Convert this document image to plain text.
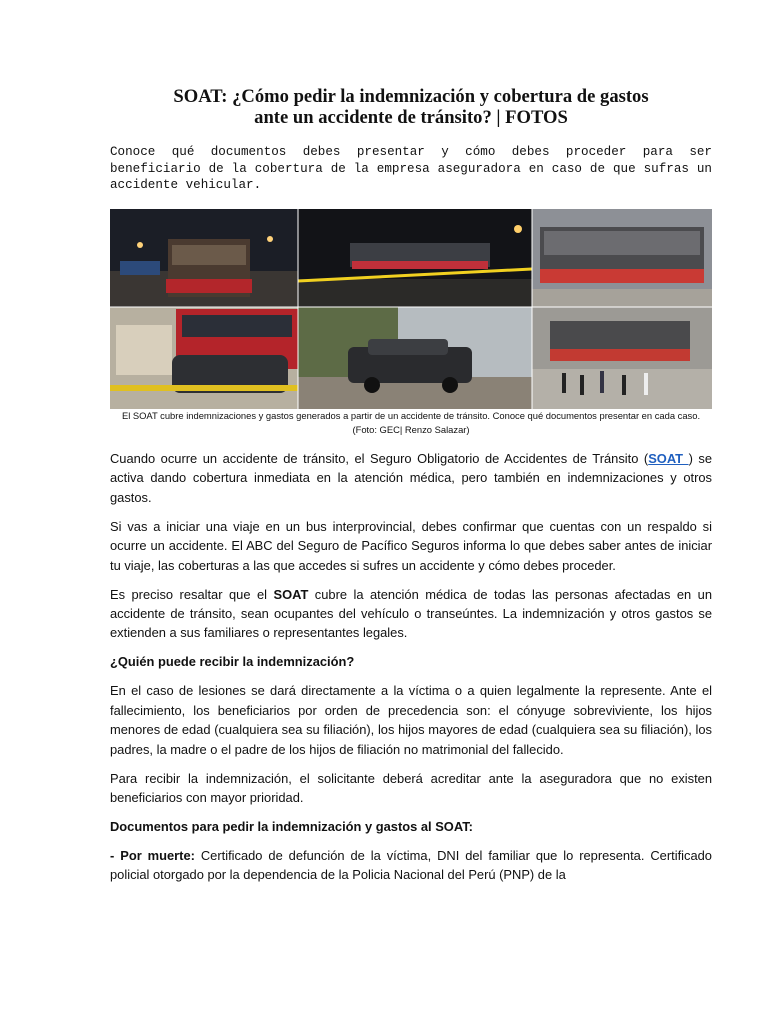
SOAT: ¿Cómo pedir la indemnización y cobertura de gastos
ante un accidente de tránsito? | FOTOS

Conoce qué documentos debes presentar y cómo debes proceder para ser beneficiario de la cobertura de la empresa aseguradora en caso de que sufras un accidente vehicular.

El SOAT cubre indemnizaciones y gastos generados a partir de un accidente de tránsito. Conoce qué documentos presentar en cada caso. (Foto: GEC| Renzo Salazar)

Cuando ocurre un accidente de tránsito, el Seguro Obligatorio de Accidentes de Tránsito (SOAT ) se activa dando cobertura inmediata en la atención médica, pero también en indemnizaciones y otros gastos.

Si vas a iniciar una viaje en un bus interprovincial, debes confirmar que cuentas con un respaldo si ocurre un accidente. El ABC del Seguro de Pacífico Seguros informa lo que debes saber antes de iniciar tu viaje, las coberturas a las que accedes si sufres un accidente y cómo debes proceder.

Es preciso resaltar que el SOAT cubre la atención médica de todas las personas afectadas en un accidente de tránsito, sean ocupantes del vehículo o transeúntes. La indemnización y otros gastos se extienden a sus familiares o representantes legales.

¿Quién puede recibir la indemnización?

En el caso de lesiones se dará directamente a la víctima o a quien legalmente la represente. Ante el fallecimiento, los beneficiarios por orden de precedencia son: el cónyuge sobreviviente, los hijos menores de edad (cualquiera sea su filiación), los hijos mayores de edad (cualquiera sea su filiación), los padres, la madre o el padre de los hijos de filiación no matrimonial del fallecido.

Para recibir la indemnización, el solicitante deberá acreditar ante la aseguradora que no existen beneficiarios con mayor prioridad.

Documentos para pedir la indemnización y gastos al SOAT:

- Por muerte: Certificado de defunción de la víctima, DNI del familiar que lo representa. Certificado policial otorgado por la dependencia de la Policia Nacional del Perú (PNP) de la
